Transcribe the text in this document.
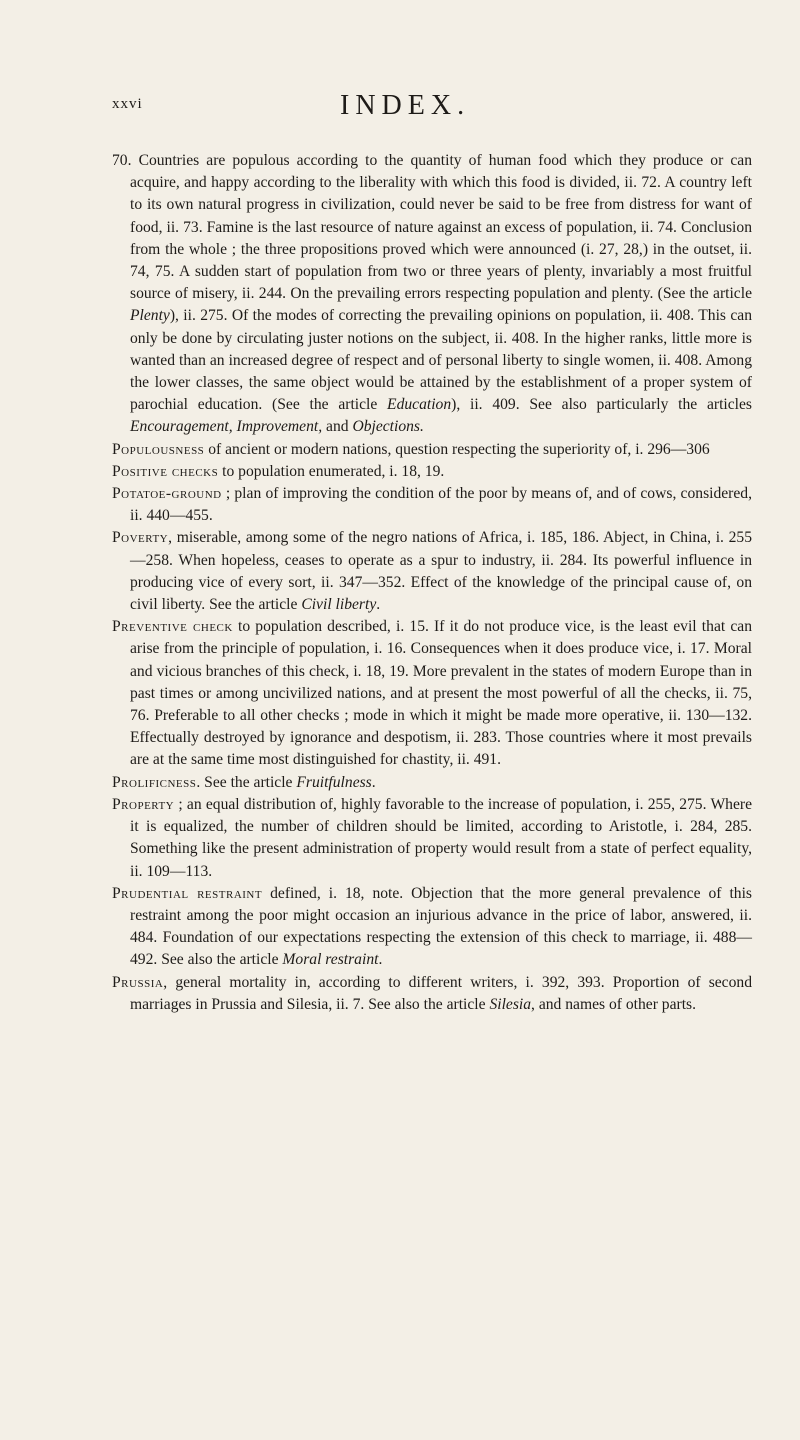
xxvi	INDEX.

70. Countries are populous according to the quantity of human food which they produce or can acquire, and happy according to the liberality with which this food is divided, ii. 72. A country left to its own natural progress in civilization, could never be said to be free from distress for want of food, ii. 73. Famine is the last resource of nature against an excess of population, ii. 74. Conclusion from the whole ; the three propositions proved which were announced (i. 27, 28,) in the outset, ii. 74, 75. A sudden start of population from two or three years of plenty, invariably a most fruitful source of misery, ii. 244. On the prevailing errors respecting population and plenty. (See the article Plenty), ii. 275. Of the modes of correcting the prevailing opinions on population, ii. 408. This can only be done by circulating juster notions on the subject, ii. 408. In the higher ranks, little more is wanted than an increased degree of respect and of personal liberty to single women, ii. 408. Among the lower classes, the same object would be attained by the establishment of a proper system of parochial education. (See the article Education), ii. 409. See also particularly the articles Encouragement, Improvement, and Objections.

Populousness of ancient or modern nations, question respecting the superiority of, i. 296—306

Positive checks to population enumerated, i. 18, 19.

Potatoe-ground ; plan of improving the condition of the poor by means of, and of cows, considered, ii. 440—455.

Poverty, miserable, among some of the negro nations of Africa, i. 185, 186. Abject, in China, i. 255—258. When hopeless, ceases to operate as a spur to industry, ii. 284. Its powerful influence in producing vice of every sort, ii. 347—352. Effect of the knowledge of the principal cause of, on civil liberty. See the article Civil liberty.

Preventive check to population described, i. 15. If it do not produce vice, is the least evil that can arise from the principle of population, i. 16. Consequences when it does produce vice, i. 17. Moral and vicious branches of this check, i. 18, 19. More prevalent in the states of modern Europe than in past times or among uncivilized nations, and at present the most powerful of all the checks, ii. 75, 76. Preferable to all other checks ; mode in which it might be made more operative, ii. 130—132. Effectually destroyed by ignorance and despotism, ii. 283. Those countries where it most prevails are at the same time most distinguished for chastity, ii. 491.

Prolificness. See the article Fruitfulness.

Property ; an equal distribution of, highly favorable to the increase of population, i. 255, 275. Where it is equalized, the number of children should be limited, according to Aristotle, i. 284, 285. Something like the present administration of property would result from a state of perfect equality, ii. 109—113.

Prudential restraint defined, i. 18, note. Objection that the more general prevalence of this restraint among the poor might occasion an injurious advance in the price of labor, answered, ii. 484. Foundation of our expectations respecting the extension of this check to marriage, ii. 488—492. See also the article Moral restraint.

Prussia, general mortality in, according to different writers, i. 392, 393. Proportion of second marriages in Prussia and Silesia, ii. 7. See also the article Silesia, and names of other parts.
